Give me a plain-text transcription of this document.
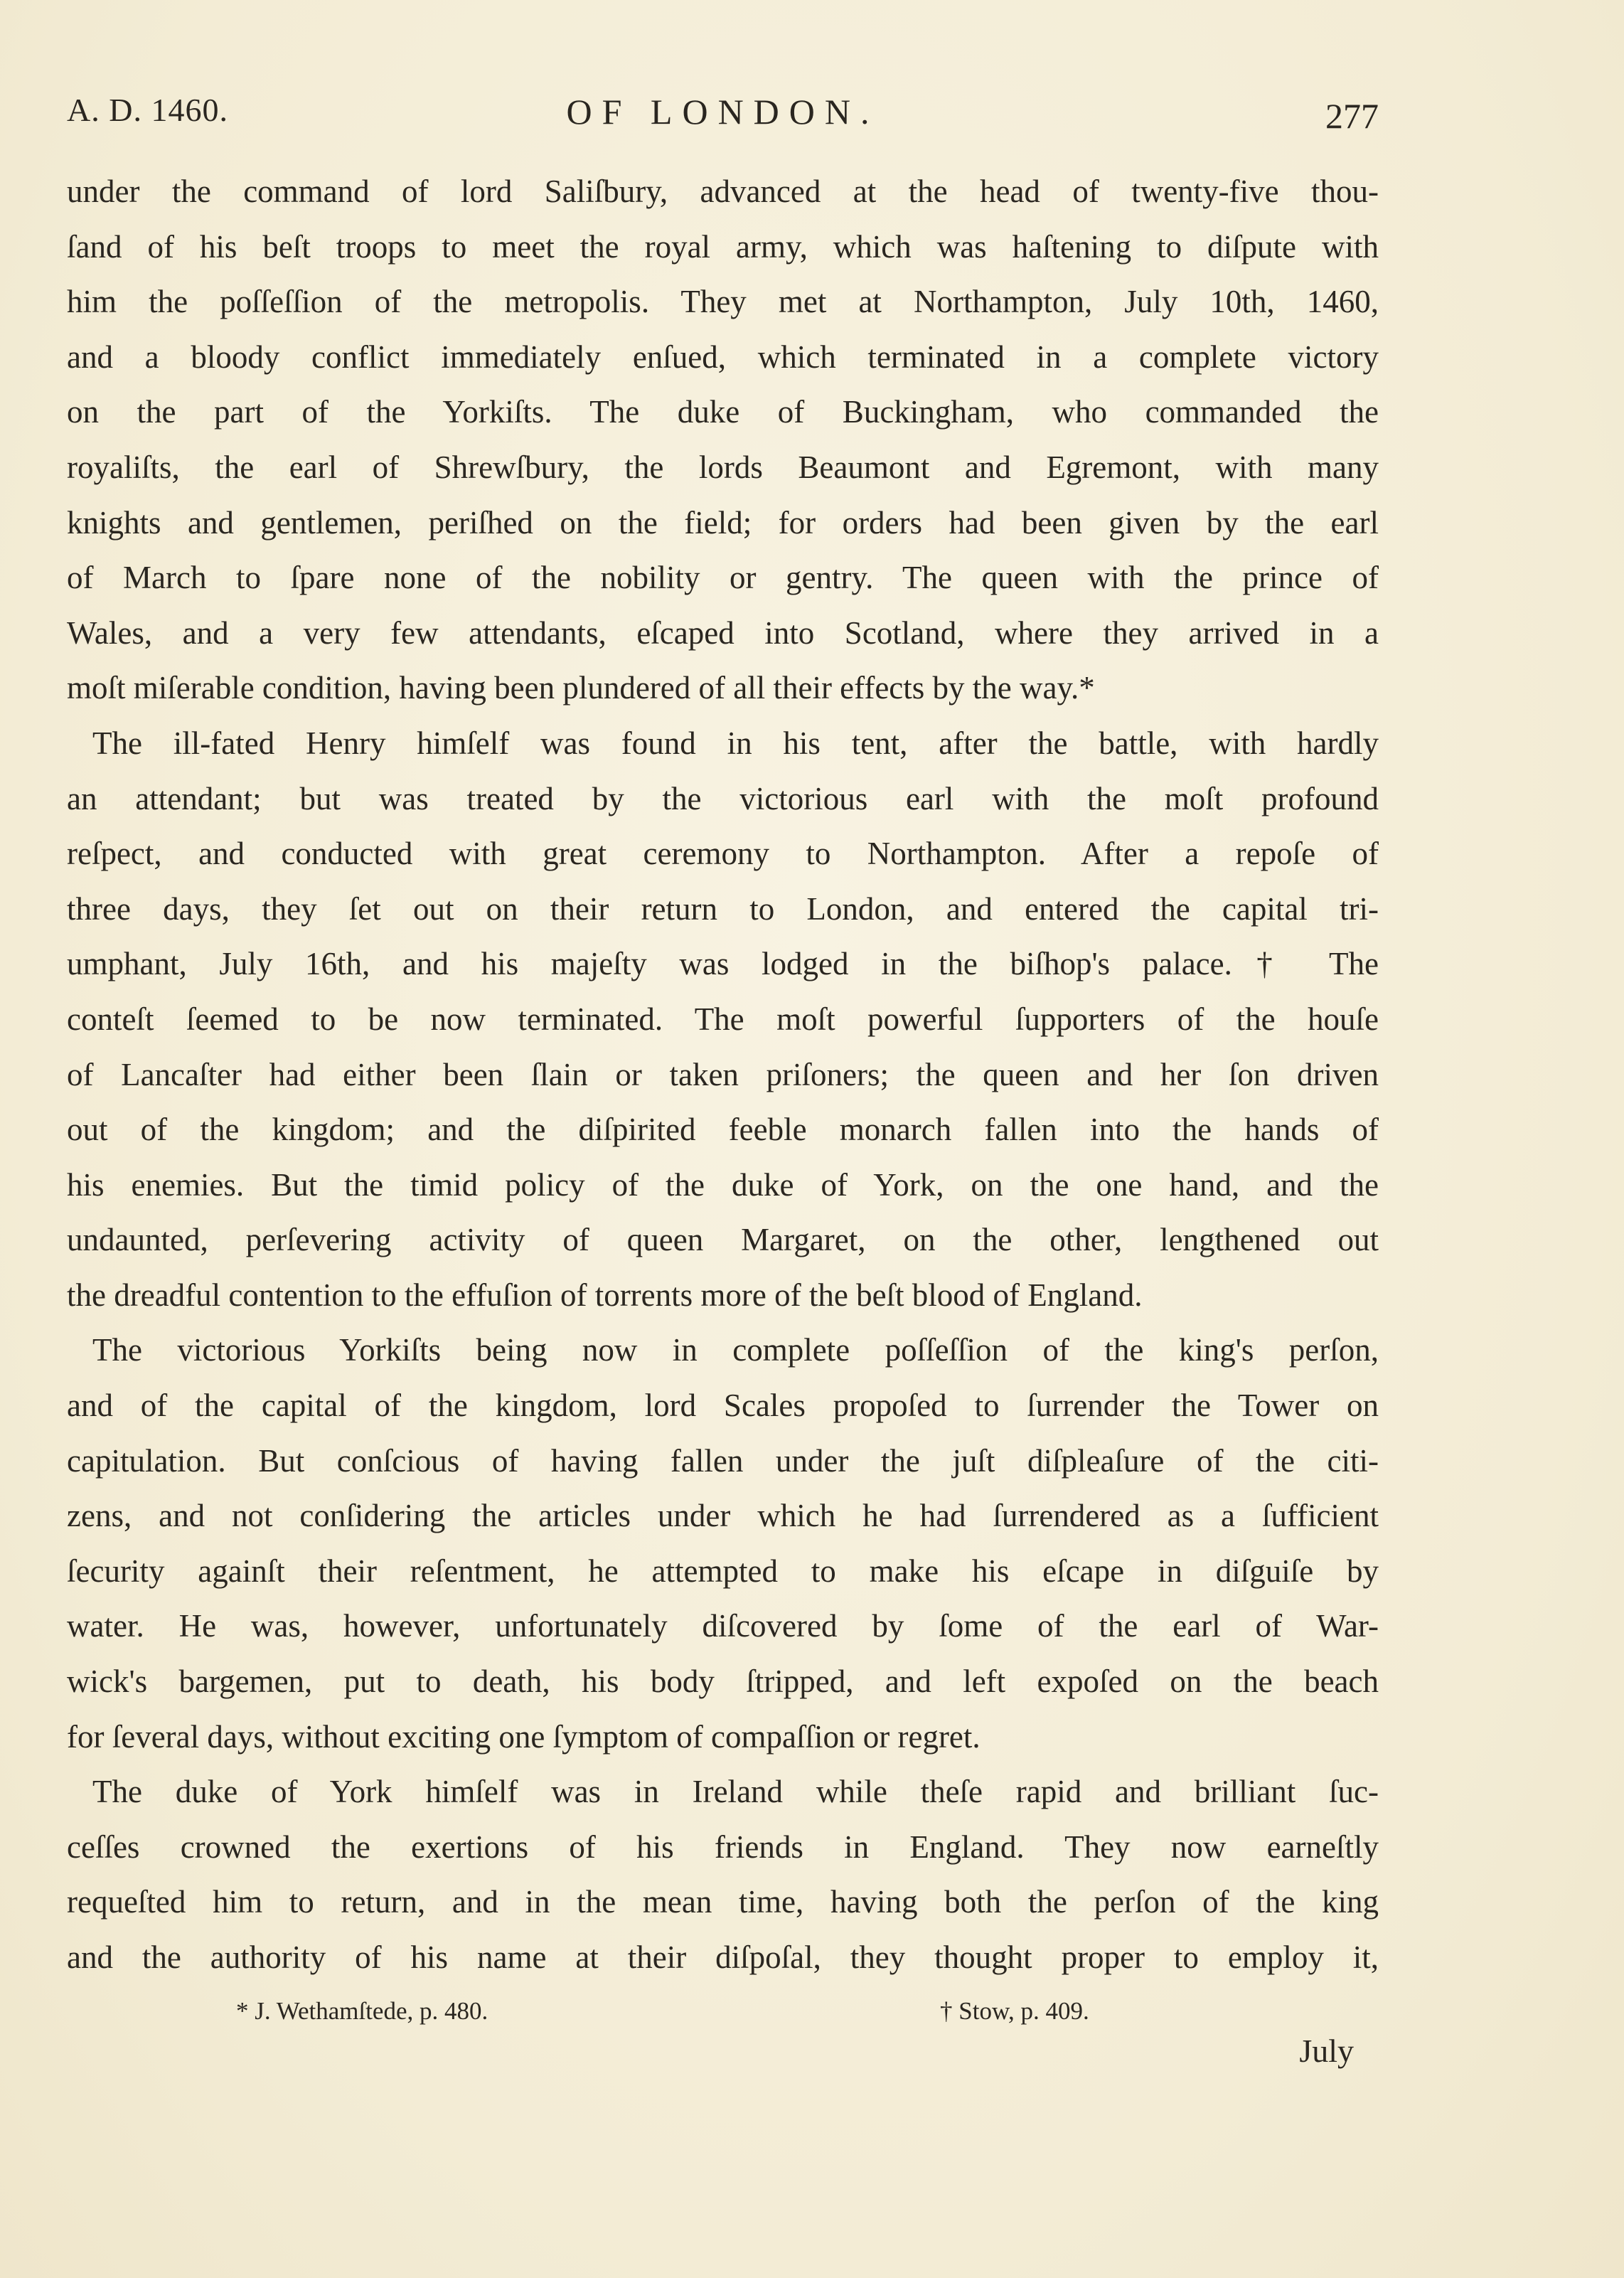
A. D. 1460.	OF LONDON.	277
under the command of lord Saliſbury, advanced at the head of twenty-five thou-
ſand of his beſt troops to meet the royal army, which was haſtening to diſpute with
him the poſſeſſion of the metropolis. They met at Northampton, July 10th, 1460,
and a bloody conflict immediately enſued, which terminated in a complete victory
on the part of the Yorkiſts. The duke of Buckingham, who commanded the
royaliſts, the earl of Shrewſbury, the lords Beaumont and Egremont, with many
knights and gentlemen, periſhed on the field; for orders had been given by the earl
of March to ſpare none of the nobility or gentry. The queen with the prince of
Wales, and a very few attendants, eſcaped into Scotland, where they arrived in a
moſt miſerable condition, having been plundered of all their effects by the way.*
The ill-fated Henry himſelf was found in his tent, after the battle, with hardly
an attendant; but was treated by the victorious earl with the moſt profound
reſpect, and conducted with great ceremony to Northampton. After a repoſe of
three days, they ſet out on their return to London, and entered the capital tri-
umphant, July 16th, and his majeſty was lodged in the biſhop's palace.† The
conteſt ſeemed to be now terminated. The moſt powerful ſupporters of the houſe
of Lancaſter had either been ſlain or taken priſoners; the queen and her ſon driven
out of the kingdom; and the diſpirited feeble monarch fallen into the hands of
his enemies. But the timid policy of the duke of York, on the one hand, and the
undaunted, perſevering activity of queen Margaret, on the other, lengthened out
the dreadful contention to the effuſion of torrents more of the beſt blood of England.
The victorious Yorkiſts being now in complete poſſeſſion of the king's perſon,
and of the capital of the kingdom, lord Scales propoſed to ſurrender the Tower on
capitulation. But conſcious of having fallen under the juſt diſpleaſure of the citi-
zens, and not conſidering the articles under which he had ſurrendered as a ſufficient
ſecurity againſt their reſentment, he attempted to make his eſcape in diſguiſe by
water. He was, however, unfortunately diſcovered by ſome of the earl of War-
wick's bargemen, put to death, his body ſtripped, and left expoſed on the beach
for ſeveral days, without exciting one ſymptom of compaſſion or regret.
The duke of York himſelf was in Ireland while theſe rapid and brilliant ſuc-
ceſſes crowned the exertions of his friends in England. They now earneſtly
requeſted him to return, and in the mean time, having both the perſon of the king
and the authority of his name at their diſpoſal, they thought proper to employ it,
* J. Wethamſtede, p. 480.	† Stow, p. 409.
July
